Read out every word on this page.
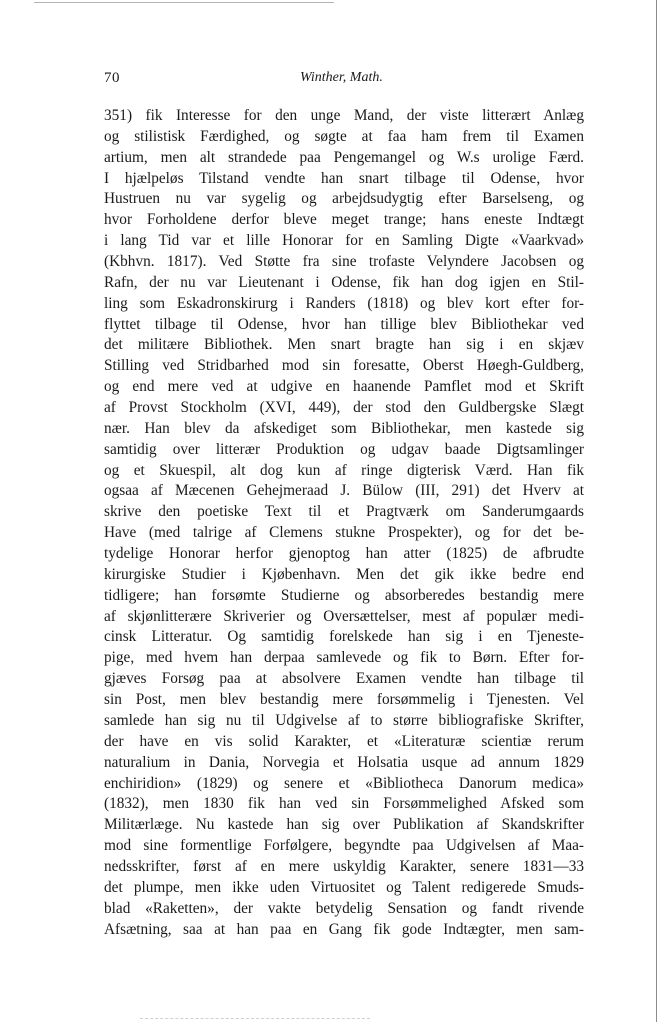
70	Winther, Math.
351) fik Interesse for den unge Mand, der viste litterært Anlæg
og stilistisk Færdighed, og søgte at faa ham frem til Examen
artium, men alt strandede paa Pengemangel og W.s urolige Færd.
I hjælpeløs Tilstand vendte han snart tilbage til Odense, hvor
Hustruen nu var sygelig og arbejdsudygtig efter Barselseng, og
hvor Forholdene derfor bleve meget trange; hans eneste Indtægt
i lang Tid var et lille Honorar for en Samling Digte «Vaarkvad»
(Kbhvn. 1817). Ved Støtte fra sine trofaste Velyndere Jacobsen og
Rafn, der nu var Lieutenant i Odense, fik han dog igjen en Stil-
ling som Eskadronskirurg i Randers (1818) og blev kort efter for-
flyttet tilbage til Odense, hvor han tillige blev Bibliothekar ved
det militære Bibliothek. Men snart bragte han sig i en skjæv
Stilling ved Stridbarhed mod sin foresatte, Oberst Høegh-Guldberg,
og end mere ved at udgive en haanende Pamflet mod et Skrift
af Provst Stockholm (XVI, 449), der stod den Guldbergske Slægt
nær. Han blev da afskediget som Bibliothekar, men kastede sig
samtidig over litterær Produktion og udgav baade Digtsamlinger
og et Skuespil, alt dog kun af ringe digterisk Værd. Han fik
ogsaa af Mæcenen Gehejmeraad J. Bülow (III, 291) det Hverv at
skrive den poetiske Text til et Pragtværk om Sanderumgaards
Have (med talrige af Clemens stukne Prospekter), og for det be-
tydelige Honorar herfor gjenoptog han atter (1825) de afbrudte
kirurgiske Studier i Kjøbenhavn. Men det gik ikke bedre end
tidligere; han forsømte Studierne og absorberedes bestandig mere
af skjønlitterære Skriverier og Oversættelser, mest af populær medi-
cinsk Litteratur. Og samtidig forelskede han sig i en Tjeneste-
pige, med hvem han derpaa samlevede og fik to Børn. Efter for-
gjæves Forsøg paa at absolvere Examen vendte han tilbage til
sin Post, men blev bestandig mere forsømmelig i Tjenesten. Vel
samlede han sig nu til Udgivelse af to større bibliografiske Skrifter,
der have en vis solid Karakter, et «Literaturæ scientiæ rerum
naturalium in Dania, Norvegia et Holsatia usque ad annum 1829
enchiridion» (1829) og senere et «Bibliotheca Danorum medica»
(1832), men 1830 fik han ved sin Forsømmelighed Afsked som
Militærlæge. Nu kastede han sig over Publikation af Skandskrifter
mod sine formentlige Forfølgere, begyndte paa Udgivelsen af Maa-
nedsskrifter, først af en mere uskyldig Karakter, senere 1831—33
det plumpe, men ikke uden Virtuositet og Talent redigerede Smuds-
blad «Raketten», der vakte betydelig Sensation og fandt rivende
Afsætning, saa at han paa en Gang fik gode Indtægter, men sam-
